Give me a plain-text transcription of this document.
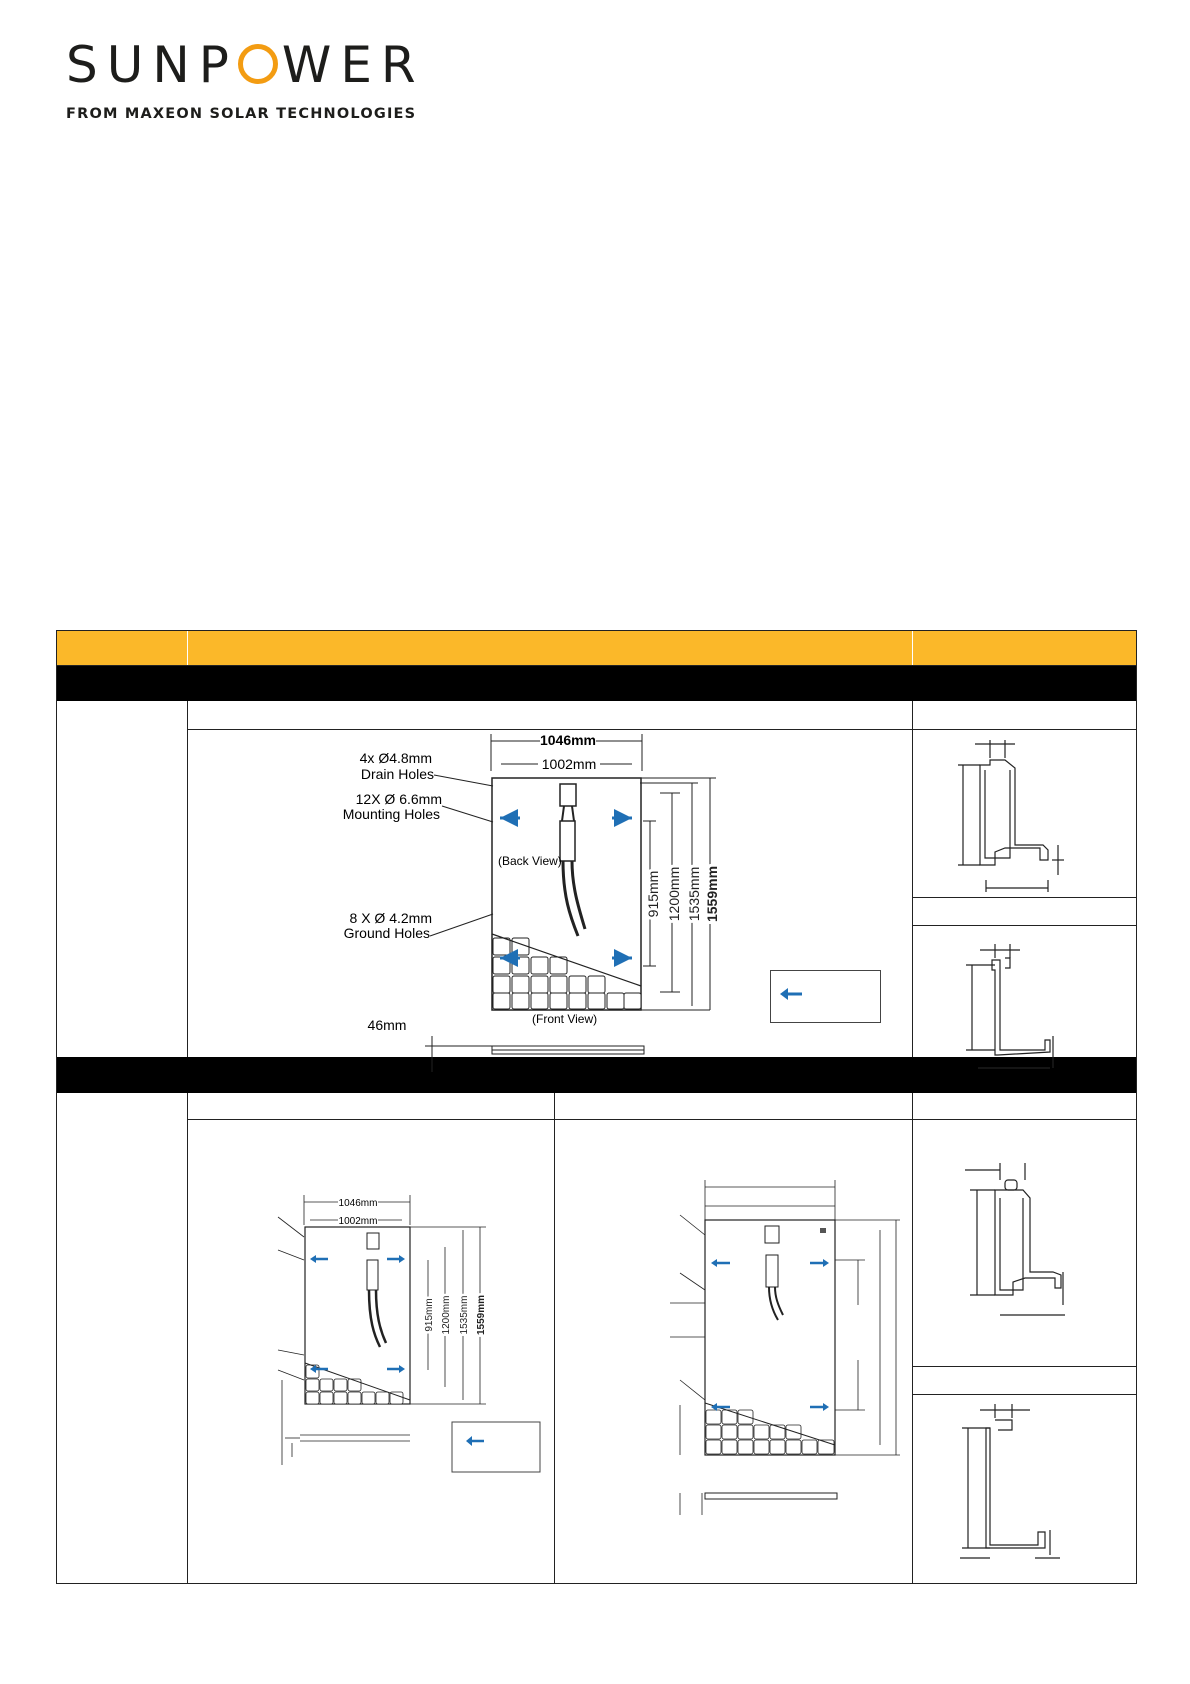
SUNP WER
FROM MAXEON SOLAR TECHNOLOGIES
1046mm
1002mm
(Back View)
(Front View)
915mm 1200mm 1535mm 1559mm
4x Ø4.8mm
Drain Holes
12X Ø 6.6mm
Mounting Holes
8 X Ø 4.2mm
Ground Holes
46mm
1046mm
1002mm
915mm 1200mm 1535mm 1559mm
